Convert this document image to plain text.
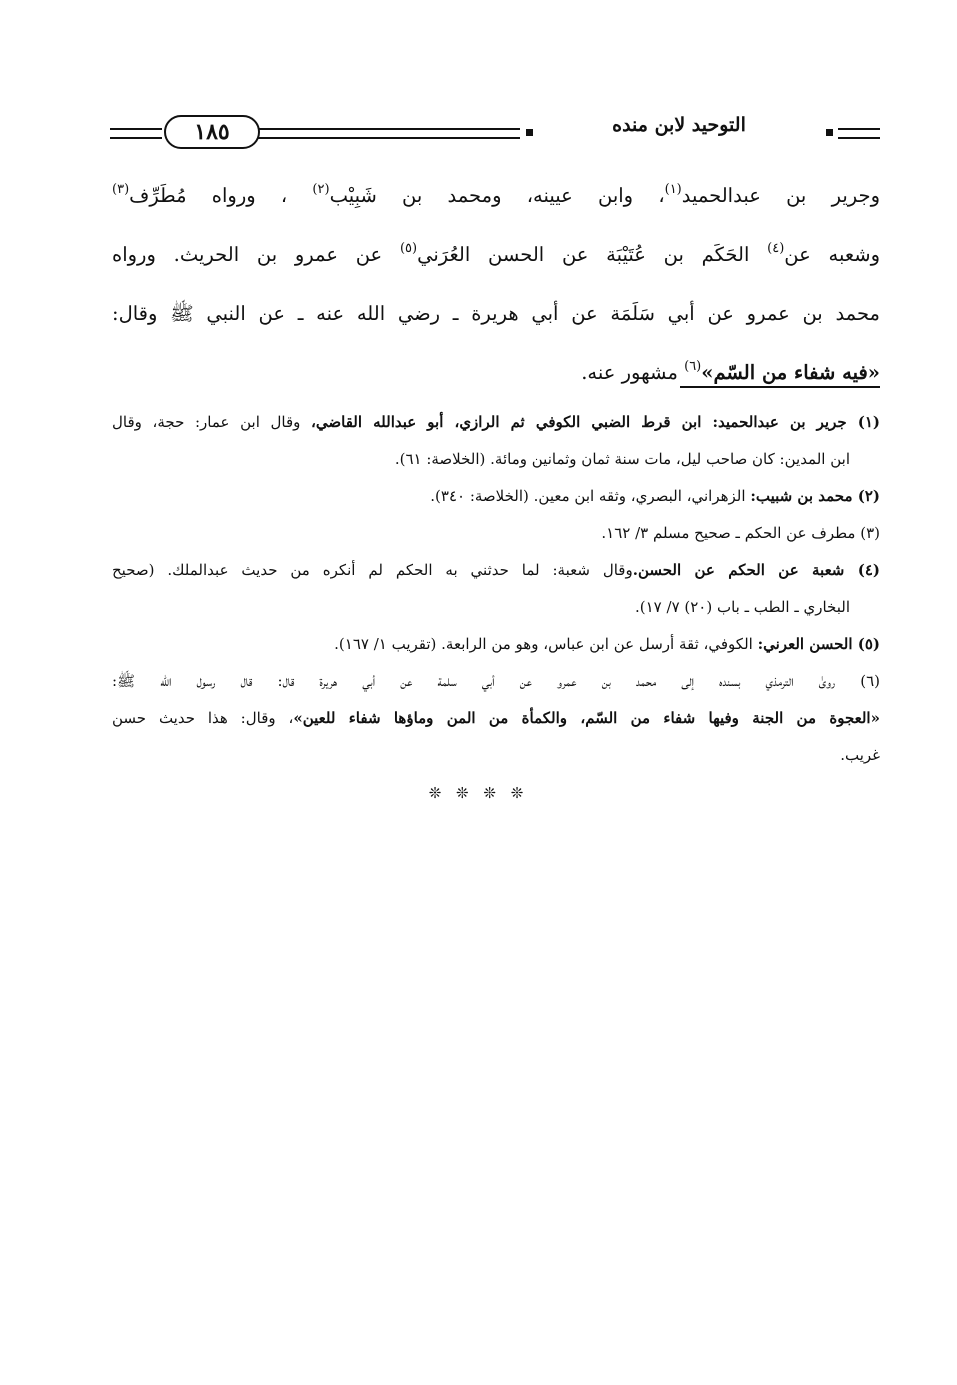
١٨٥	التوحيد لابن منده
وجرير بن عبدالحميد$^{(١)}$، وابن عيينه، ومحمد بن شَبِيْب$^{(٢)}$ ، ورواه مُطَرِّف$^{(٣)}$
وشعبه عن$^{(٤)}$ الحَكَم بن عُتَيْبَة عن الحسن العُرَني$^{(٥)}$ عن عمرو بن الحريث. ورواه
محمد بن عمرو عن أبي سَلَمَة عن أبي هريرة ـ رضي الله عنه ـ عن النبي ﷺ وقال:
«فيه شفاء من السّم»$^{(٦)}$ مشهور عنه.
(١) جرير بن عبدالحميد: ابن قرط الضبي الكوفي ثم الرازي، أبو عبدالله القاضي، وقال ابن عمار: حجة، وقال
ابن المدين: كان صاحب ليل، مات سنة ثمان وثمانين ومائة. (الخلاصة: ٦١).
(٢) محمد بن شبيب: الزهراني، البصري، وثقه ابن معين. (الخلاصة: ٣٤٠).
(٣) مطرف عن الحكم ـ صحيح مسلم ٣/ ١٦٢.
(٤) شعبة عن الحكم عن الحسن.وقال شعبة: لما حدثني به الحكم لم أنكره من حديث عبدالملك. (صحيح
البخاري ـ الطب ـ باب (٢٠) ٧/ ١٧).
(٥) الحسن العرني: الكوفي، ثقة أرسل عن ابن عباس، وهو من الرابعة. (تقريب ١/ ١٦٧).
(٦) روىٰ الترمذي بسنده إلى محمد بن عمرو عن أبي سلمة عن أبي هريرة قال: قال رسول الله ﷺ:
«العجوة من الجنة وفيها شفاء من السّم، والكمأة من المن وماؤها شفاء للعين»، وقال: هذا حديث حسن
غريب.
❊ ❊ ❊ ❊
